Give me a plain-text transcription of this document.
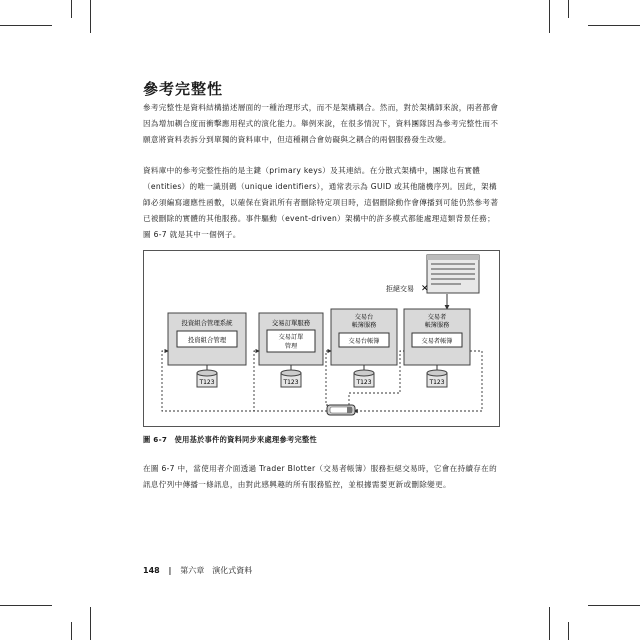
參考完整性

參考完整性是資料結構描述層面的一種治理形式，而不是架構耦合。然而，對於架構師來說，兩者都會因為增加耦合度而衝擊應用程式的演化能力。舉例來說，在很多情況下，資料團隊因為參考完整性而不願意將資料表拆分到單獨的資料庫中，但這種耦合會妨礙與之耦合的兩個服務發生改變。

資料庫中的參考完整性指的是主鍵（primary keys）及其連結。在分散式架構中，團隊也有實體（entities）的唯一識別碼（unique identifiers），通常表示為 GUID 或其他隨機序列。因此，架構師必須編寫適應性函數，以確保在資訊所有者刪除特定項目時，這個刪除動作會傳播到可能仍然參考著已被刪除的實體的其他服務。事件驅動（event-driven）架構中的許多模式都能處理這類背景任務；圖 6-7 就是其中一個例子。

拒絕交易 ✕
投資組合管理系統
投資組合管理
交易訂單服務
交易訂單
管理
交易台
帳簿服務
交易台帳簿
交易者
帳簿服務
交易者帳簿
T123	T123	T123	T123
圖 6-7　使用基於事件的資料同步來處理參考完整性

在圖 6-7 中，當使用者介面透過 Trader Blotter（交易者帳簿）服務拒絕交易時，它會在持續存在的訊息佇列中傳播一條訊息，由對此感興趣的所有服務監控，並根據需要更新或刪除變更。

148 | 第六章　演化式資料
